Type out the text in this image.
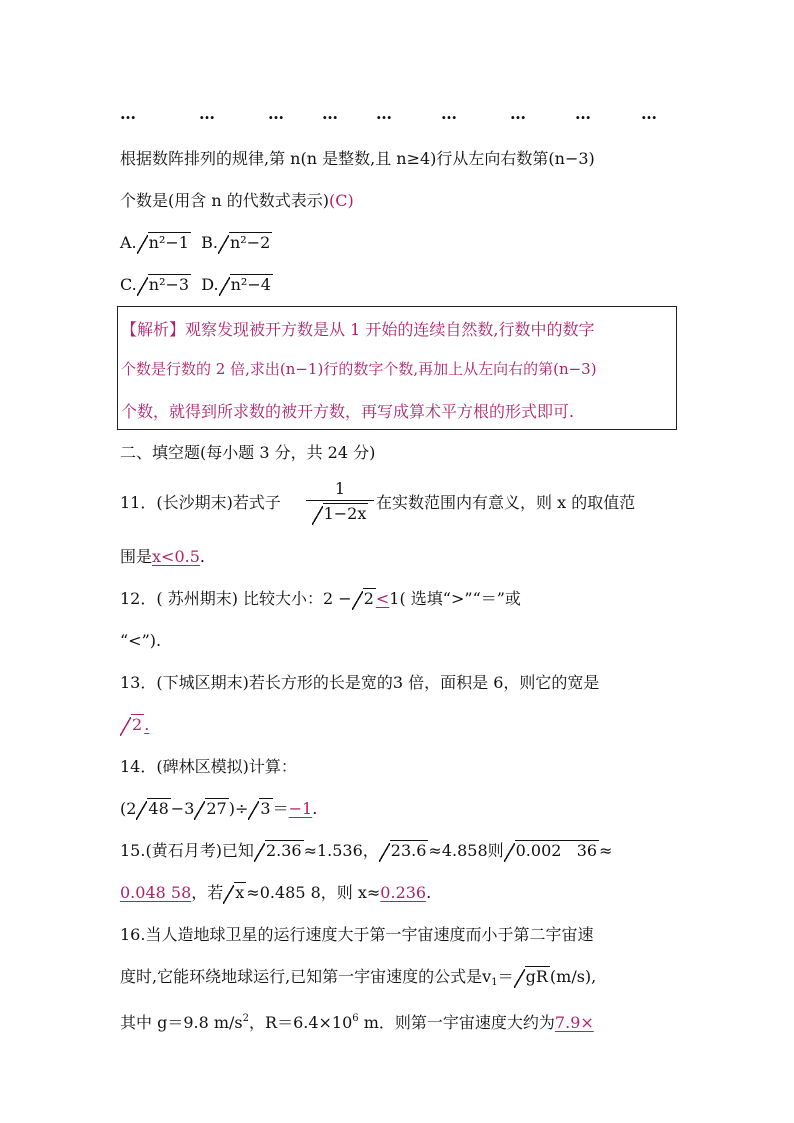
…	…	… … …	…	…	…	…
根据数阵排列的规律,第 n(n 是整数,且 n≥4)行从左向右数第(n−3)
个数是(用含 n 的代数式表示)(C)
A. n²−1 B. n²−2
C. n²−3 D. n²−4
【解析】观察发现被开方数是从 1 开始的连续自然数,行数中的数字
个数是行数的 2 倍,求出(n−1)行的数字个数,再加上从左向右的第(n−3)
个数，就得到所求数的被开方数，再写成算术平方根的形式即可.
二、填空题(每小题 3 分，共 24 分)
11．(长沙期末)若式子
1
1−2x
在实数范围内有意义，则 x 的取值范
围是x<0.5.
12．( 苏州期末) 比较大小：2 − 2 <1( 选填“>”“＝”或
“<”).
13．(下城区期末)若长方形的长是宽的3 倍，面积是 6，则它的宽是
2 .
14．(碑林区模拟)计算：
(2 48 −3 27 )÷ 3 ＝−1.
15.(黄石月考)已知 2.36 ≈1.536， 23.6 ≈4.858则 0.002   36 ≈
0.048 58，若 x ≈0.485 8，则 x≈0.236.
16.当人造地球卫星的运行速度大于第一宇宙速度而小于第二宇宙速
度时,它能环绕地球运行,已知第一宇宙速度的公式是$v_1=$ gR (m/s),
其中 g＝9.8 $m/s^2$，$R=6.4\times 10^6$ m．则第一宇宙速度大约为7.9×
